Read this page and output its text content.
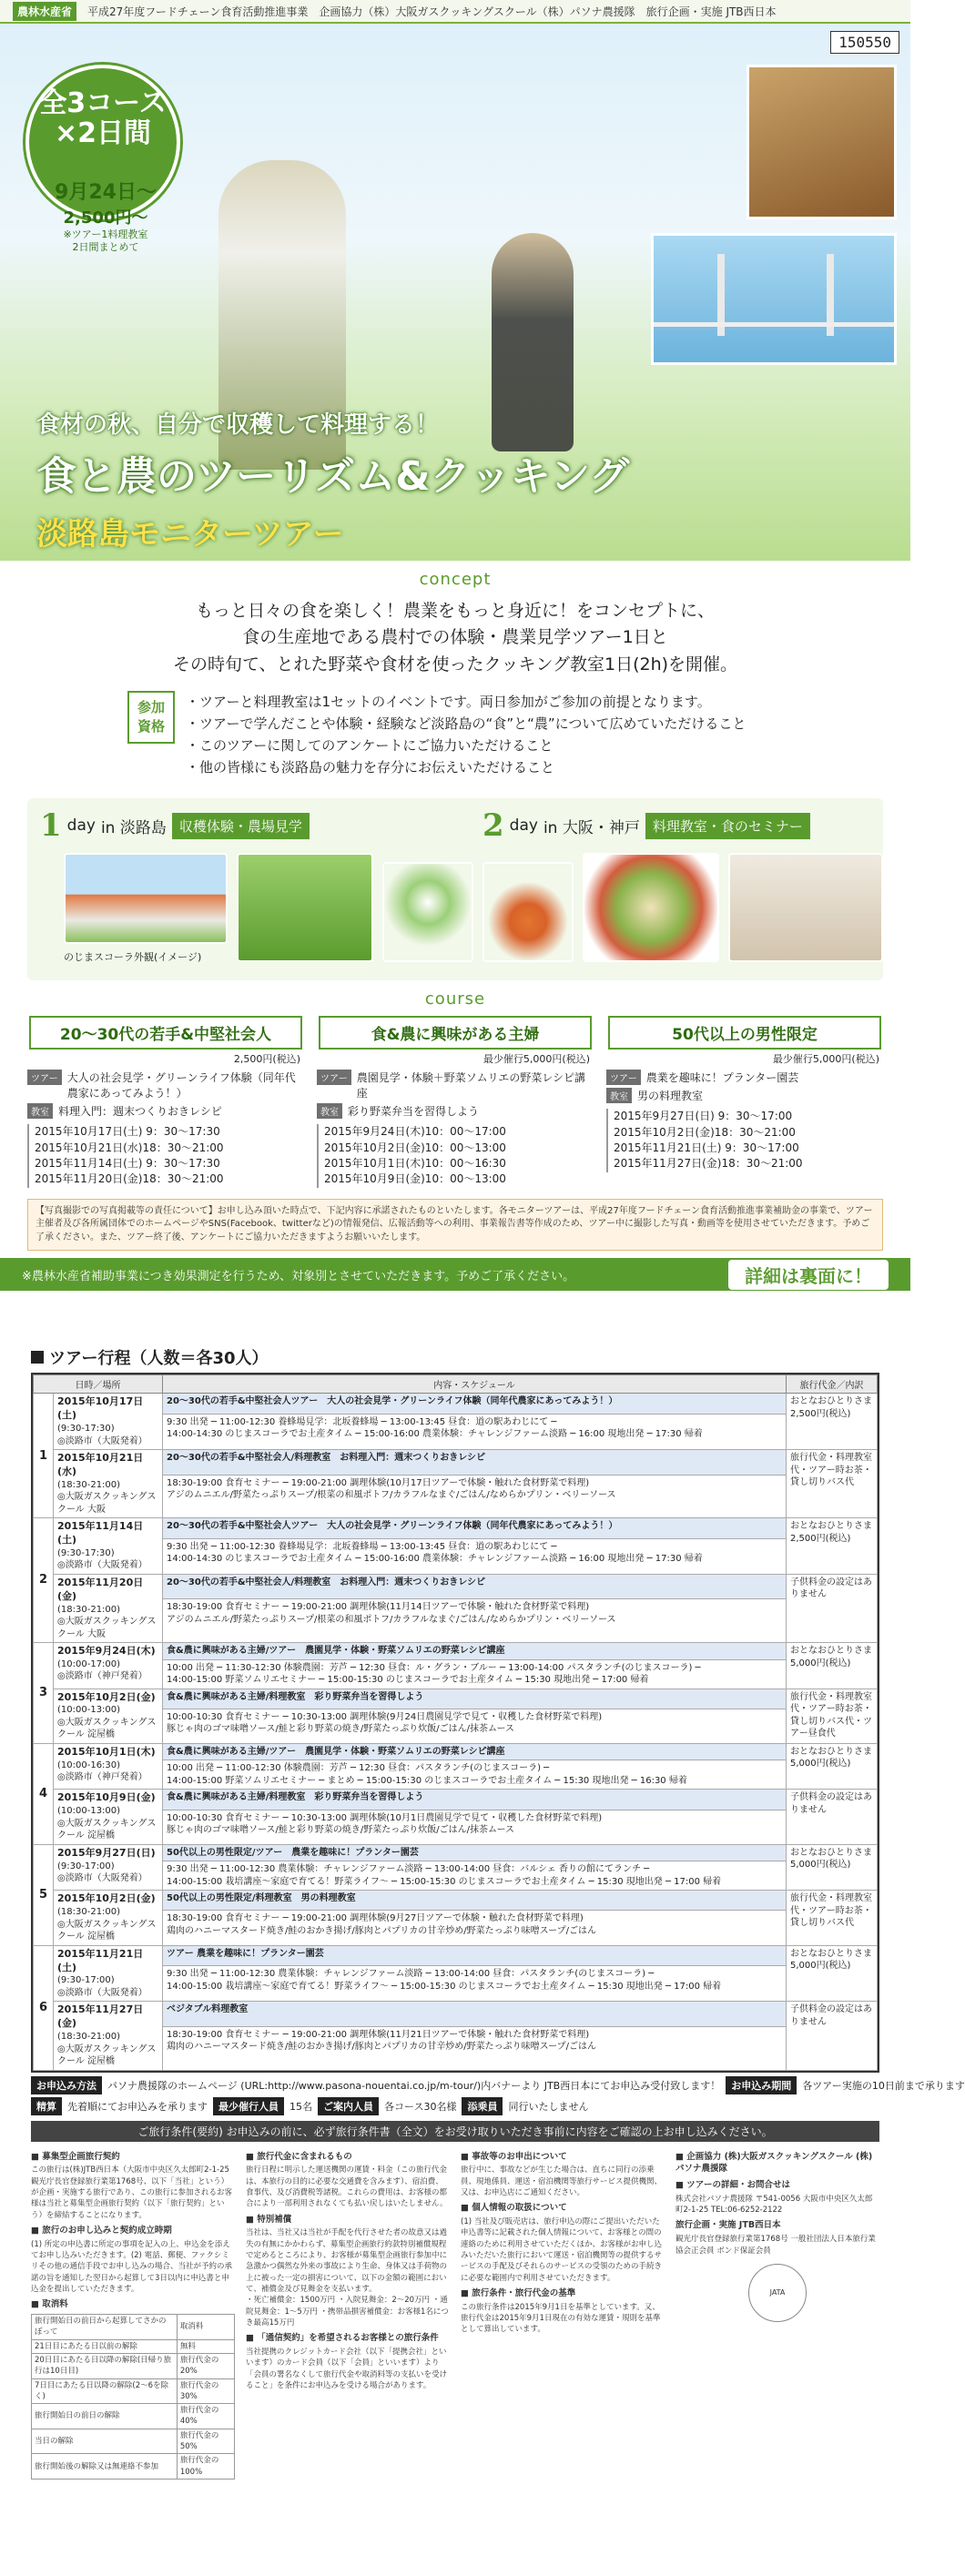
農林水産省	平成27年度フードチェーン食育活動推進事業 企画協力（株）大阪ガスクッキングスクール（株）パソナ農援隊 旅行企画・実施 JTB西日本
150550
全3コース
×2日間
9月24日〜
2,500円〜
※ツアー1料理教室
2日間まとめて
食材の秋、自分で収穫して料理する！
食と農のツーリズム&クッキング
淡路島モニターツアー
concept
もっと日々の食を楽しく！農業をもっと身近に！をコンセプトに、
食の生産地である農村での体験・農業見学ツアー1日と
その時旬て、とれた野菜や食材を使ったクッキング教室1日(2h)を開催。
参加資格
・ツアーと料理教室は1セットのイベントです。両日参加がご参加の前提となります。
・ツアーで学んだことや体験・経験など淡路島の“食”と“農”について広めていただけること
・このツアーに関してのアンケートにご協力いただけること
・他の皆様にも淡路島の魅力を存分にお伝えいただけること
1 day in 淡路島 収穫体験・農場見学	2 day in 大阪・神戸 料理教室・食のセミナー
のじまスコーラ外観(イメージ)
course
20～30代の若手&中堅社会人
2,500円(税込)
ツアー 大人の社会見学・グリーンライフ体験（同年代農家にあってみよう！）
教室 料理入門：週末つくりおきレシピ
2015年10月17日(土) 9：30～17:30
2015年10月21日(水)18：30～21:00
2015年11月14日(土) 9：30～17:30
2015年11月20日(金)18：30～21:00
食&農に興味がある主婦
最少催行5,000円(税込)
ツアー 農園見学・体験＋野菜ソムリエの野菜レシピ講座
教室 彩り野菜弁当を習得しよう
2015年9月24日(木)10：00～17:00
2015年10月2日(金)10：00～13:00
2015年10月1日(木)10：00～16:30
2015年10月9日(金)10：00～13:00
50代以上の男性限定
最少催行5,000円(税込)
ツアー 農業を趣味に！プランター園芸
教室 男の料理教室
2015年9月27日(日) 9：30～17:00
2015年10月2日(金)18：30～21:00
2015年11月21日(土) 9：30～17:00
2015年11月27日(金)18：30～21:00
【写真撮影での写真掲載等の責任について】お申し込み頂いた時点で、下記内容に承諾されたものといたします。各モニターツアーは、平成27年度フードチェーン食育活動推進事業補助金の事業で、ツアー主催者及び各所属団体でのホームページやSNS(Facebook、twitterなど)の情報発信、広報活動等への利用、事業報告書等作成のため、ツアー中に撮影した写真・動画等を使用させていただきます。予めご了承ください。また、ツアー終了後、アンケートにご協力いただきますようお願いいたします。
※農林水産省補助事業につき効果測定を行うため、対象別とさせていただきます。予めご了承ください。	詳細は裏面に！
ツアー行程（人数＝各30人）
日時／場所		内容・スケジュール	旅行代金／内訳
1	2015年10月17日(土)
(9:30-17:30)
◎淡路市（大阪発着）	20～30代の若手&中堅社会人ツアー　大人の社会見学・グリーンライフ体験（同年代農家にあってみよう！）	おとなおひとりさま 2,500円(税込)

		9:30 出発 ─ 11:00-12:30 養蜂場見学：北坂養蜂場 ─ 13:00-13:45 昼食：道の駅あわじにて ─
14:00-14:30 のじまスコーラでお土産タイム ─ 15:00-16:00 農業体験：チャレンジファーム淡路 ─ 16:00 現地出発 ─ 17:30 帰着	

	2015年10月21日(水)
(18:30-21:00)
◎大阪ガスクッキングスクール 大阪	20～30代の若手&中堅社会人/料理教室　お料理入門：週末つくりおきレシピ	旅行代金・料理教室代・ツアー時お茶・貸し切りバス代

		18:30-19:00 食育セミナー ─ 19:00-21:00 調理体験(10月17日ツアーで体験・触れた食材野菜で料理)
アジのムニエル/野菜たっぷりスープ/根菜の和風ポトフ/カラフルなまぐ/ごはん/なめらかプリン・ベリーソース	

2	2015年11月14日(土)
(9:30-17:30)
◎淡路市（大阪発着）	20～30代の若手&中堅社会人ツアー　大人の社会見学・グリーンライフ体験（同年代農家にあってみよう！）	おとなおひとりさま 2,500円(税込)

		9:30 出発 ─ 11:00-12:30 養蜂場見学：北坂養蜂場 ─ 13:00-13:45 昼食：道の駅あわじにて ─
14:00-14:30 のじまスコーラでお土産タイム ─ 15:00-16:00 農業体験：チャレンジファーム淡路 ─ 16:00 現地出発 ─ 17:30 帰着	

	2015年11月20日(金)
(18:30-21:00)
◎大阪ガスクッキングスクール 大阪	20～30代の若手&中堅社会人/料理教室　お料理入門：週末つくりおきレシピ	子供料金の設定はありません

		18:30-19:00 食育セミナー ─ 19:00-21:00 調理体験(11月14日ツアーで体験・触れた食材野菜で料理)
アジのムニエル/野菜たっぷりスープ/根菜の和風ポトフ/カラフルなまぐ/ごはん/なめらかプリン・ベリーソース	

3	2015年9月24日(木)
(10:00-17:00)
◎淡路市（神戸発着）	食&農に興味がある主婦/ツアー　農園見学・体験・野菜ソムリエの野菜レシピ講座	おとなおひとりさま 5,000円(税込)

		10:00 出発 ─ 11:30-12:30 体験農園：芳芦 ─ 12:30 昼食：ル・グラン・ブルー ─ 13:00-14:00 パスタランチ(のじまスコーラ) ─
14:00-15:00 野菜ソムリエセミナー ─ 15:00-15:30 のじまスコーラでお土産タイム ─ 15:30 現地出発 ─ 17:00 帰着	

	2015年10月2日(金)
(10:00-13:00)
◎大阪ガスクッキングスクール 淀屋橋	食&農に興味がある主婦/料理教室　彩り野菜弁当を習得しよう	旅行代金・料理教室代・ツアー時お茶・貸し切りバス代・ツアー昼食代

		10:00-10:30 食育セミナー ─ 10:30-13:00 調理体験(9月24日農園見学で見て・収穫した食材野菜で料理)
豚じゃ肉のゴマ味噌ソース/鮭と彩り野菜の焼き/野菜たっぷり炊飯/ごはん/抹茶ムース	

4	2015年10月1日(木)
(10:00-16:30)
◎淡路市（神戸発着）	食&農に興味がある主婦/ツアー　農園見学・体験・野菜ソムリエの野菜レシピ講座	おとなおひとりさま 5,000円(税込)

		10:00 出発 ─ 11:00-12:30 体験農園：芳芦 ─ 12:30 昼食：パスタランチ(のじまスコーラ) ─
14:00-15:00 野菜ソムリエセミナー ─ まとめ ─ 15:00-15:30 のじまスコーラでお土産タイム ─ 15:30 現地出発 ─ 16:30 帰着	

	2015年10月9日(金)
(10:00-13:00)
◎大阪ガスクッキングスクール 淀屋橋	食&農に興味がある主婦/料理教室　彩り野菜弁当を習得しよう	子供料金の設定はありません

		10:00-10:30 食育セミナー ─ 10:30-13:00 調理体験(10月1日農園見学で見て・収穫した食材野菜で料理)
豚じゃ肉のゴマ味噌ソース/鮭と彩り野菜の焼き/野菜たっぷり炊飯/ごはん/抹茶ムース	

5	2015年9月27日(日)
(9:30-17:00)
◎淡路市（大阪発着）	50代以上の男性限定/ツアー　農業を趣味に！プランター園芸	おとなおひとりさま 5,000円(税込)

		9:30 出発 ─ 11:00-12:30 農業体験：チャレンジファーム淡路 ─ 13:00-14:00 昼食：バルシェ 香りの館にてランチ ─
14:00-15:00 栽培講座〜家庭で育てる！野菜ライフ〜 ─ 15:00-15:30 のじまスコーラでお土産タイム ─ 15:30 現地出発 ─ 17:00 帰着	

	2015年10月2日(金)
(18:30-21:00)
◎大阪ガスクッキングスクール 淀屋橋	50代以上の男性限定/料理教室　男の料理教室	旅行代金・料理教室代・ツアー時お茶・貸し切りバス代

		18:30-19:00 食育セミナー ─ 19:00-21:00 調理体験(9月27日ツアーで体験・触れた食材野菜で料理)
鶏肉のハニーマスタード焼き/鮭のおかき揚げ/豚肉とパプリカの甘辛炒め/野菜たっぷり味噌スープ/ごはん	

6	2015年11月21日(土)
(9:30-17:00)
◎淡路市（大阪発着）	ツアー 農業を趣味に！プランター園芸	おとなおひとりさま 5,000円(税込)

		9:30 出発 ─ 11:00-12:30 農業体験：チャレンジファーム淡路 ─ 13:00-14:00 昼食：パスタランチ(のじまスコーラ) ─
14:00-15:00 栽培講座〜家庭で育てる！野菜ライフ〜 ─ 15:00-15:30 のじまスコーラでお土産タイム ─ 15:30 現地出発 ─ 17:00 帰着	

	2015年11月27日(金)
(18:30-21:00)
◎大阪ガスクッキングスクール 淀屋橋	ベジタブル料理教室	子供料金の設定はありません

		18:30-19:00 食育セミナー ─ 19:00-21:00 調理体験(11月21日ツアーで体験・触れた食材野菜で料理)
鶏肉のハニーマスタード焼き/鮭のおかき揚げ/豚肉とパプリカの甘辛炒め/野菜たっぷり味噌スープ/ごはん	
お申込み方法	パソナ農援隊のホームページ (URL:http://www.pasona-nouentai.co.jp/m-tour/)内バナーより JTB西日本にてお申込み受付致します！	お申込み期間	各ツアー実施の10日前まで承ります
精算	先着順にてお申込みを承ります	最少催行人員	15名	ご案内人員	各コース30名様	添乗員	同行いたしません
ご旅行条件(要約) お申込みの前に、必ず旅行条件書（全文）をお受け取りいただき事前に内容をご確認の上お申し込みください。
■ 募集型企画旅行契約

この旅行は(株)JTB西日本（大阪市中央区久太郎町2-1-25 観光庁長官登録旅行業第1768号、以下「当社」という）が企画・実施する旅行であり、この旅行に参加されるお客様は当社と募集型企画旅行契約（以下「旅行契約」という）を締結することになります。

■ 旅行のお申し込みと契約成立時期

(1) 所定の申込書に所定の事項を記入の上、申込金を添えてお申し込みいただきます。(2) 電話、郵便、ファクシミリその他の通信手段でお申し込みの場合、当社が予約の承諾の旨を通知した翌日から起算して3日以内に申込書と申込金を提出していただきます。

■ 取消料
旅行開始日の前日から起算してさかのぼって	取消料
21日目にあたる日以前の解除	無料
20日目にあたる日以降の解除(日帰り旅行は10日目)	旅行代金の20%
7日目にあたる日以降の解除(2〜6を除く)	旅行代金の30%
旅行開始日の前日の解除	旅行代金の40%
当日の解除	旅行代金の50%
旅行開始後の解除又は無連絡不参加	旅行代金の100%
■ 旅行代金に含まれるもの

旅行日程に明示した運送機関の運賃・料金（この旅行代金は、本旅行の目的に必要な交通費を含みます）、宿泊費、食事代、及び消費税等諸税。これらの費用は、お客様の都合により一部利用されなくても払い戻しはいたしません。

■ 特別補償

当社は、当社又は当社が手配を代行させた者の故意又は過失の有無にかかわらず、募集型企画旅行約款特別補償規程で定めるところにより、お客様が募集型企画旅行参加中に急激かつ偶然な外来の事故により生命、身体又は手荷物の上に被った一定の損害について、以下の金額の範囲において、補償金及び見舞金を支払います。

・死亡補償金：1500万円 ・入院見舞金：2〜20万円 ・通院見舞金：1〜5万円 ・携帯品損害補償金：お客様1名につき最高15万円

■ 「通信契約」を希望されるお客様との旅行条件

当社提携のクレジットカード会社（以下「提携会社」といいます）のカード会員（以下「会員」といいます）より「会員の署名なくして旅行代金や取消料等の支払いを受けること」を条件にお申込みを受ける場合があります。

■ 事故等のお申出について

旅行中に、事故などが生じた場合は、直ちに同行の添乗員、現地係員、運送・宿泊機関等旅行サービス提供機関、又は、お申込店にご通知ください。

■ 個人情報の取扱について

(1) 当社及び販売店は、旅行申込の際にご提出いただいた申込書等に記載された個人情報について、お客様との間の連絡のために利用させていただくほか、お客様がお申し込みいただいた旅行において運送・宿泊機関等の提供するサービスの手配及びそれらのサービスの受領のための手続きに必要な範囲内で利用させていただきます。

■ 旅行条件・旅行代金の基準

この旅行条件は2015年9月1日を基準としています。又、旅行代金は2015年9月1日現在の有効な運賃・規則を基準として算出しています。

■ 企画協力 (株)大阪ガスクッキングスクール (株)パソナ農援隊
■ ツアーの詳細・お問合せは

株式会社パソナ農援隊 〒541-0056 大阪市中央区久太郎町2-1-25 TEL:06-6252-2122

旅行企画・実施 JTB西日本

観光庁長官登録旅行業第1768号 一般社団法人日本旅行業協会正会員 ボンド保証会員

JATA
